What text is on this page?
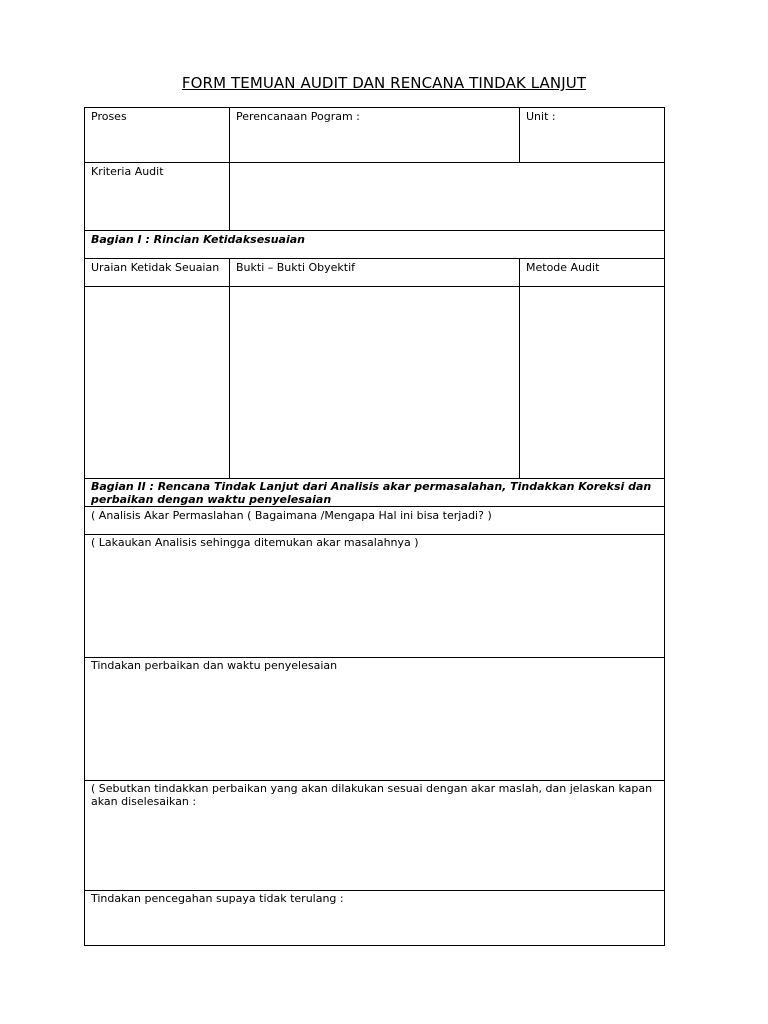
FORM TEMUAN AUDIT DAN RENCANA TINDAK LANJUT
Proses	Perencanaan Pogram :	Unit :
Kriteria Audit
Bagian I : Rincian Ketidaksesuaian
Uraian Ketidak Seuaian	Bukti – Bukti Obyektif	Metode Audit
Bagian II : Rencana Tindak Lanjut dari Analisis akar permasalahan, Tindakkan Koreksi dan perbaikan dengan waktu penyelesaian
( Analisis Akar Permaslahan ( Bagaimana /Mengapa Hal ini bisa terjadi? )
( Lakaukan Analisis sehingga ditemukan akar masalahnya )
Tindakan perbaikan dan waktu penyelesaian
( Sebutkan tindakkan perbaikan yang akan dilakukan sesuai dengan akar maslah, dan jelaskan kapan akan diselesaikan :
Tindakan pencegahan supaya tidak terulang :
